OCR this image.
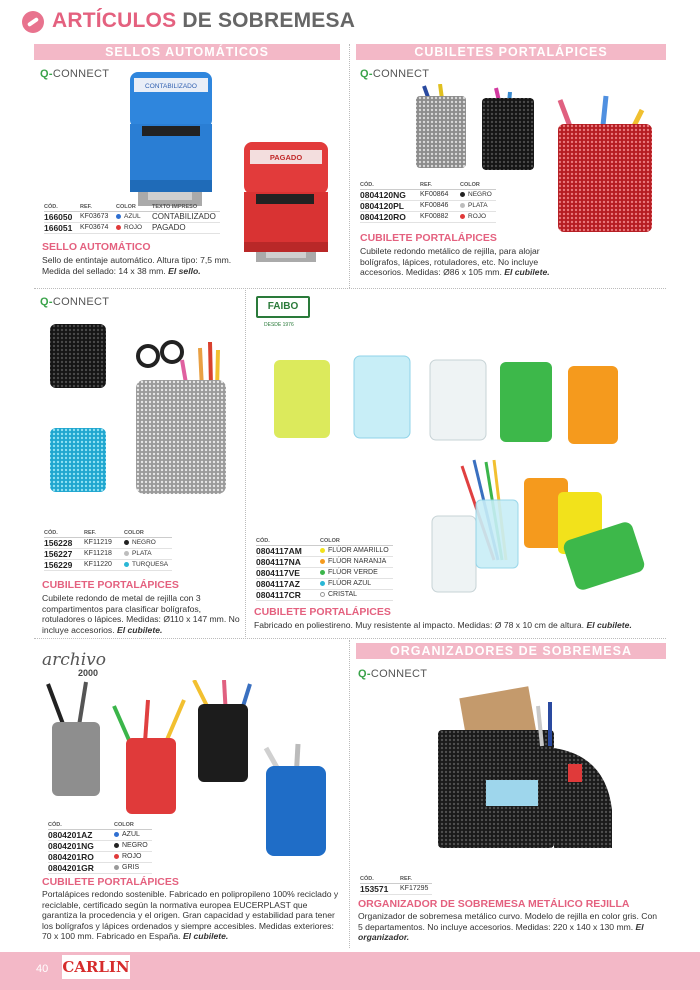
ARTÍCULOS DE SOBREMESA
SELLOS AUTOMÁTICOS	CUBILETES PORTALÁPICES
ORGANIZADORES DE SOBREMESA
Q-CONNECT
CONTABILIZADO
PAGADO
CÓD.	REF.	COLOR	TEXTO IMPRESO
166050	KF03673	AZUL	CONTABILIZADO
166051	KF03674	ROJO	PAGADO
SELLO AUTOMÁTICO
Sello de entintaje automático. Altura tipo: 7,5 mm. Medida del sellado: 14 x 38 mm. El sello.
Q-CONNECT
CÓD.	REF.	COLOR
0804120NG	KF00864	NEGRO
0804120PL	KF00846	PLATA
0804120RO	KF00882	ROJO
CUBILETE PORTALÁPICES
Cubilete redondo metálico de rejilla, para alojar bolígrafos, lápices, rotuladores, etc. No incluye accesorios. Medidas: Ø86 x 105 mm. El cubilete.
Q-CONNECT
CÓD.	REF.	COLOR
156228	KF11219	NEGRO
156227	KF11218	PLATA
156229	KF11220	TURQUESA
CUBILETE PORTALÁPICES
Cubilete redondo de metal de rejilla con 3 compartimentos para clasificar bolígrafos, rotuladores o lápices. Medidas: Ø110 x 147 mm. No incluye accesorios. El cubilete.
FAIBO
DESDE 1976
CÓD.	COLOR
0804117AM	FLÚOR AMARILLO
0804117NA	FLÚOR NARANJA
0804117VE	FLÚOR VERDE
0804117AZ	FLÚOR AZUL
0804117CR	CRISTAL
CUBILETE PORTALÁPICES
Fabricado en poliestireno. Muy resistente al impacto. Medidas: Ø 78 x 10 cm de altura. El cubilete.
archivo
2000
CÓD.	COLOR
0804201AZ	AZUL
0804201NG	NEGRO
0804201RO	ROJO
0804201GR	GRIS
CUBILETE PORTALÁPICES
Portalápices redondo sostenible. Fabricado en polipropileno 100% reciclado y reciclable, certificado según la normativa europea EUCERPLAST que garantiza la procedencia y el origen. Gran capacidad y estabilidad para tener los bolígrafos y lápices ordenados y siempre accesibles. Medidas exteriores: 70 x 100 mm. Fabricado en España. El cubilete.
Q-CONNECT
CÓD.	REF.
153571	KF17295
ORGANIZADOR DE SOBREMESA METÁLICO REJILLA
Organizador de sobremesa metálico curvo. Modelo de rejilla en color gris. Con 5 departamentos. No incluye accesorios. Medidas: 220 x 140 x 130 mm. El organizador.
40 CARLIN
